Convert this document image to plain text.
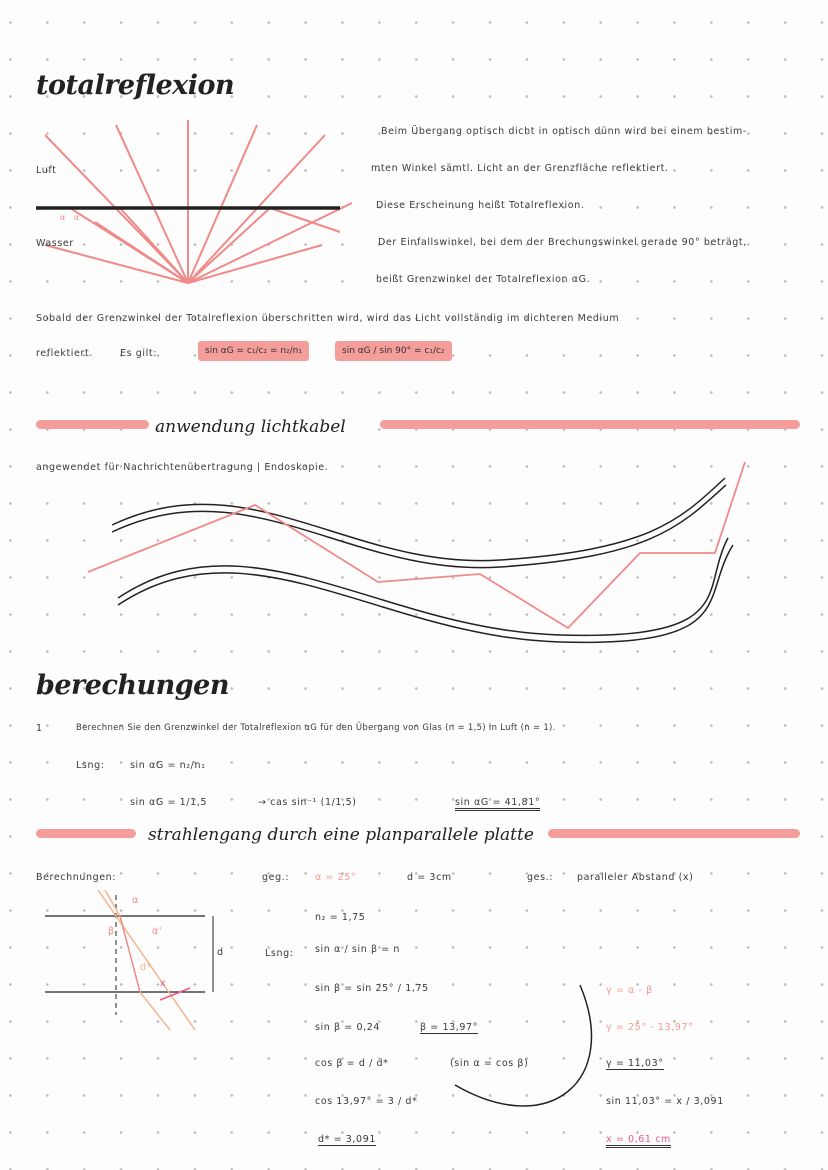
totalreflexion
Luft
Wasser
α α'
Beim Übergang optisch dicht in optisch dünn wird bei einem bestim-
mten Winkel sämtl. Licht an der Grenzfläche reflektiert.
Diese Erscheinung heißt Totalreflexion.
Der Einfallswinkel, bei dem der Brechungswinkel gerade 90° beträgt,
heißt Grenzwinkel der Totalreflexion αG.
Sobald der Grenzwinkel der Totalreflexion überschritten wird, wird das Licht vollständig im dichteren Medium
reflektiert.	Es gilt:	sin αG = c₁/c₂ = n₂/n₁	sin αG / sin 90° = c₁/c₂
anwendung lichtkabel
angewendet für Nachrichtenübertragung | Endoskopie.
berechungen
1	Berechnen Sie den Grenzwinkel der Totalreflexion αG für den Übergang von Glas (n = 1,5) in Luft (n = 1).
Lsng:	sin αG = n₂/n₁
sin αG = 1/1,5	→ cas sin⁻¹ (1/1,5)	sin αG = 41,81°
strahlengang durch eine planparallele platte
Berechnungen:
α
β	α'
d
d*
x
geg.:	α = 25°	d = 3cm	ges.:	paralleler Abstand (x)
n₂ = 1,75
Lsng: sin α / sin β = n
sin β = sin 25° / 1,75
sin β = 0,24	β = 13,97°
cos β = d / d*	(sin α = cos β)
cos 13,97° = 3 / d*
d* = 3,091
γ = α - β
γ = 25° - 13,97°
γ = 11,03°
sin 11,03° = x / 3,091
x = 0,61 cm
